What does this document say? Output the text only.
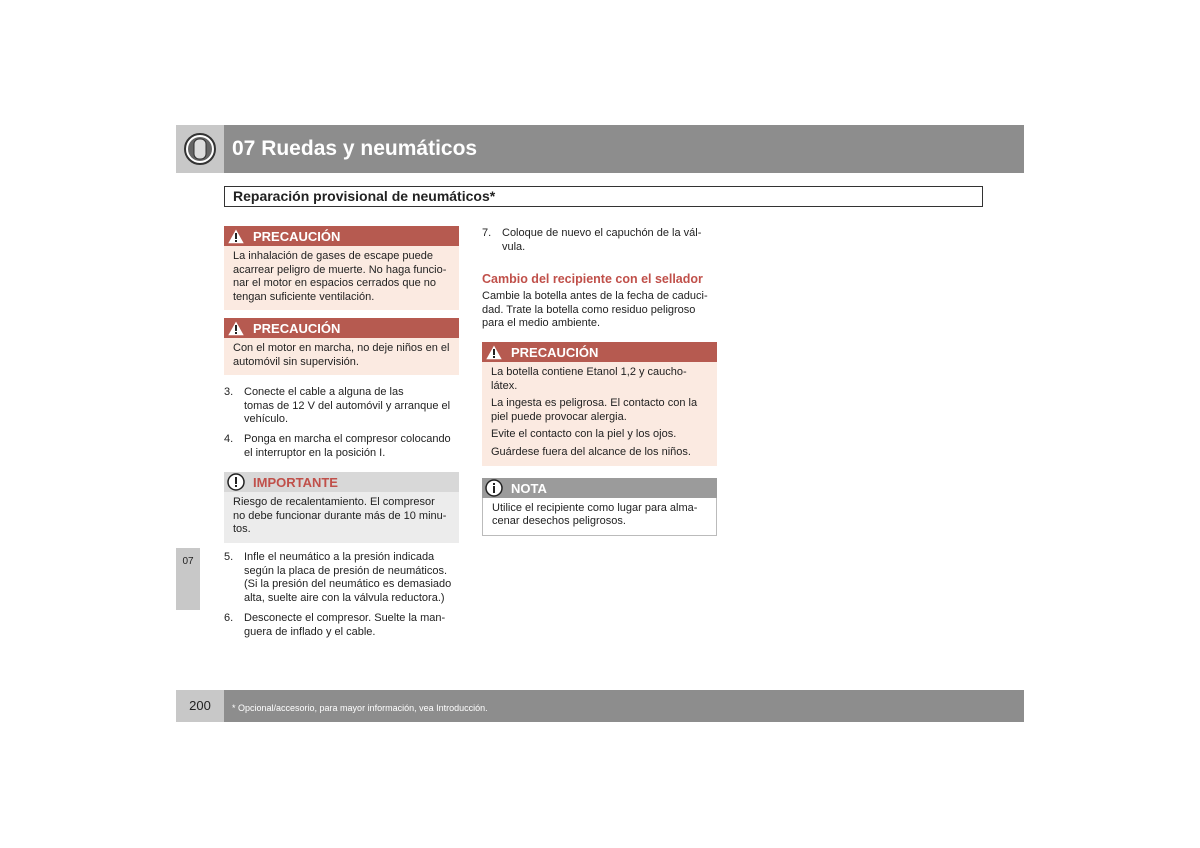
07 Ruedas y neumáticos
Reparación provisional de neumáticos*
PRECAUCIÓN
La inhalación de gases de escape puede
acarrear peligro de muerte. No haga funcio-
nar el motor en espacios cerrados que no
tengan suficiente ventilación.
PRECAUCIÓN
Con el motor en marcha, no deje niños en el
automóvil sin supervisión.
3. Conecte el cable a alguna de las
tomas de 12 V del automóvil y arranque el
vehículo.
4. Ponga en marcha el compresor colocando
el interruptor en la posición I.
IMPORTANTE
Riesgo de recalentamiento. El compresor
no debe funcionar durante más de 10 minu-
tos.
5. Infle el neumático a la presión indicada
según la placa de presión de neumáticos.
(Si la presión del neumático es demasiado
alta, suelte aire con la válvula reductora.)
6. Desconecte el compresor. Suelte la man-
guera de inflado y el cable.
7. Coloque de nuevo el capuchón de la vál-
vula.
Cambio del recipiente con el sellador
Cambie la botella antes de la fecha de caduci-
dad. Trate la botella como residuo peligroso
para el medio ambiente.
PRECAUCIÓN

La botella contiene Etanol 1,2 y caucho-
látex.

La ingesta es peligrosa. El contacto con la
piel puede provocar alergia.

Evite el contacto con la piel y los ojos.

Guárdese fuera del alcance de los niños.

NOTA
Utilice el recipiente como lugar para alma-
cenar desechos peligrosos.
07
200	* Opcional/accesorio, para mayor información, vea Introducción.
